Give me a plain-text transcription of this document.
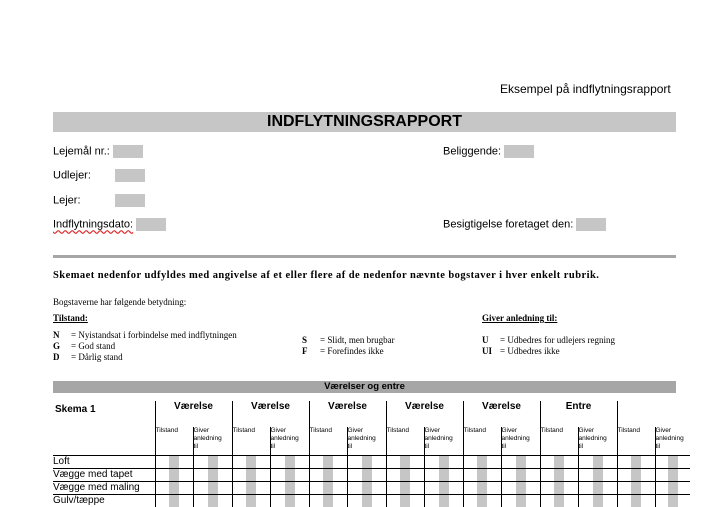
Eksempel på indflytningsrapport
INDFLYTNINGSRAPPORT
Lejemål nr.:
Udlejer:
Lejer:
Indflytningsdato:
Beliggende:
Besigtigelse foretaget den:
Skemaet nedenfor udfyldes med angivelse af et eller flere af de nedenfor nævnte bogstaver i hver enkelt rubrik.
Bogstaverne har følgende betydning:
Tilstand:
N = Nyistandsat i forbindelse med indflytningen
G = God stand
D = Dårlig stand
S = Slidt, men brugbar
F = Forefindes ikke
Giver anledning til:
U = Udbedres for udlejers regning
UI = Udbedres ikke
Værelser og entre
Skema 1	Værelse		Værelse		Værelse		Værelse		Værelse		Entre			
	Tilstand	Giver anledning til	Tilstand	Giver anledning til	Tilstand	Giver anledning til	Tilstand	Giver anledning til	Tilstand	Giver anledning til	Tilstand	Giver anledning til	Tilstand	Giver anledning til
Loft	

Vægge med tapet	

Vægge med maling	

Gulv/tæppe	
